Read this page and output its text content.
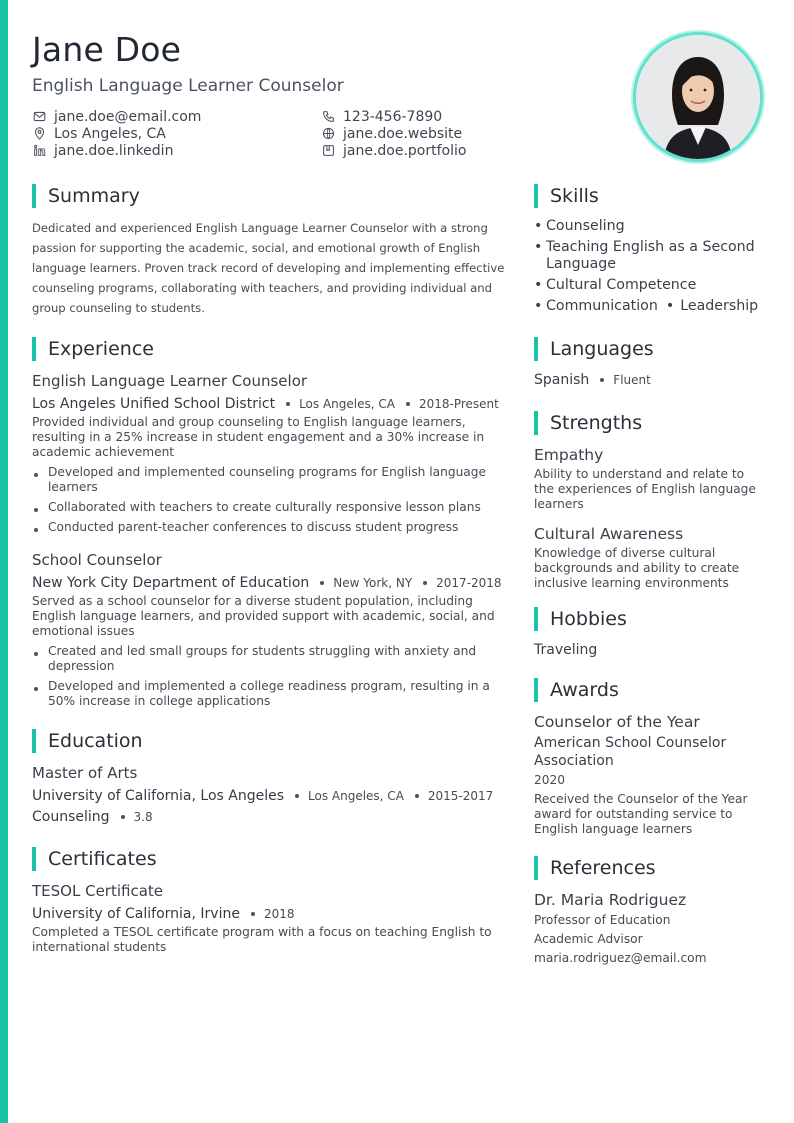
Jane Doe
English Language Learner Counselor
jane.doe@email.com
Los Angeles, CA
jane.doe.linkedin
123-456-7890
jane.doe.website
jane.doe.portfolio
Summary

Dedicated and experienced English Language Learner Counselor with a strong passion for supporting the academic, social, and emotional growth of English language learners. Proven track record of developing and implementing effective counseling programs, collaborating with teachers, and providing individual and group counseling to students.

Experience
English Language Learner Counselor
Los Angeles Unified School District Los Angeles, CA 2018-Present

Provided individual and group counseling to English language learners, resulting in a 25% increase in student engagement and a 30% increase in academic achievement

Developed and implemented counseling programs for English language learners
Collaborated with teachers to create culturally responsive lesson plans
Conducted parent-teacher conferences to discuss student progress
School Counselor
New York City Department of Education New York, NY 2017-2018

Served as a school counselor for a diverse student population, including English language learners, and provided support with academic, social, and emotional issues

Created and led small groups for students struggling with anxiety and depression
Developed and implemented a college readiness program, resulting in a 50% increase in college applications
Education
Master of Arts
University of California, Los Angeles Los Angeles, CA 2015-2017
Counseling 3.8
Certificates
TESOL Certificate
University of California, Irvine 2018

Completed a TESOL certificate program with a focus on teaching English to international students

Skills
• Counseling
• Teaching English as a Second Language
• Cultural Competence
• Communication • Leadership
Languages
Spanish Fluent
Strengths
Empathy

Ability to understand and relate to the experiences of English language learners

Cultural Awareness

Knowledge of diverse cultural backgrounds and ability to create inclusive learning environments

Hobbies
Traveling
Awards
Counselor of the Year
American School Counselor Association
2020

Received the Counselor of the Year award for outstanding service to English language learners

References
Dr. Maria Rodriguez
Professor of Education
Academic Advisor
maria.rodriguez@email.com
